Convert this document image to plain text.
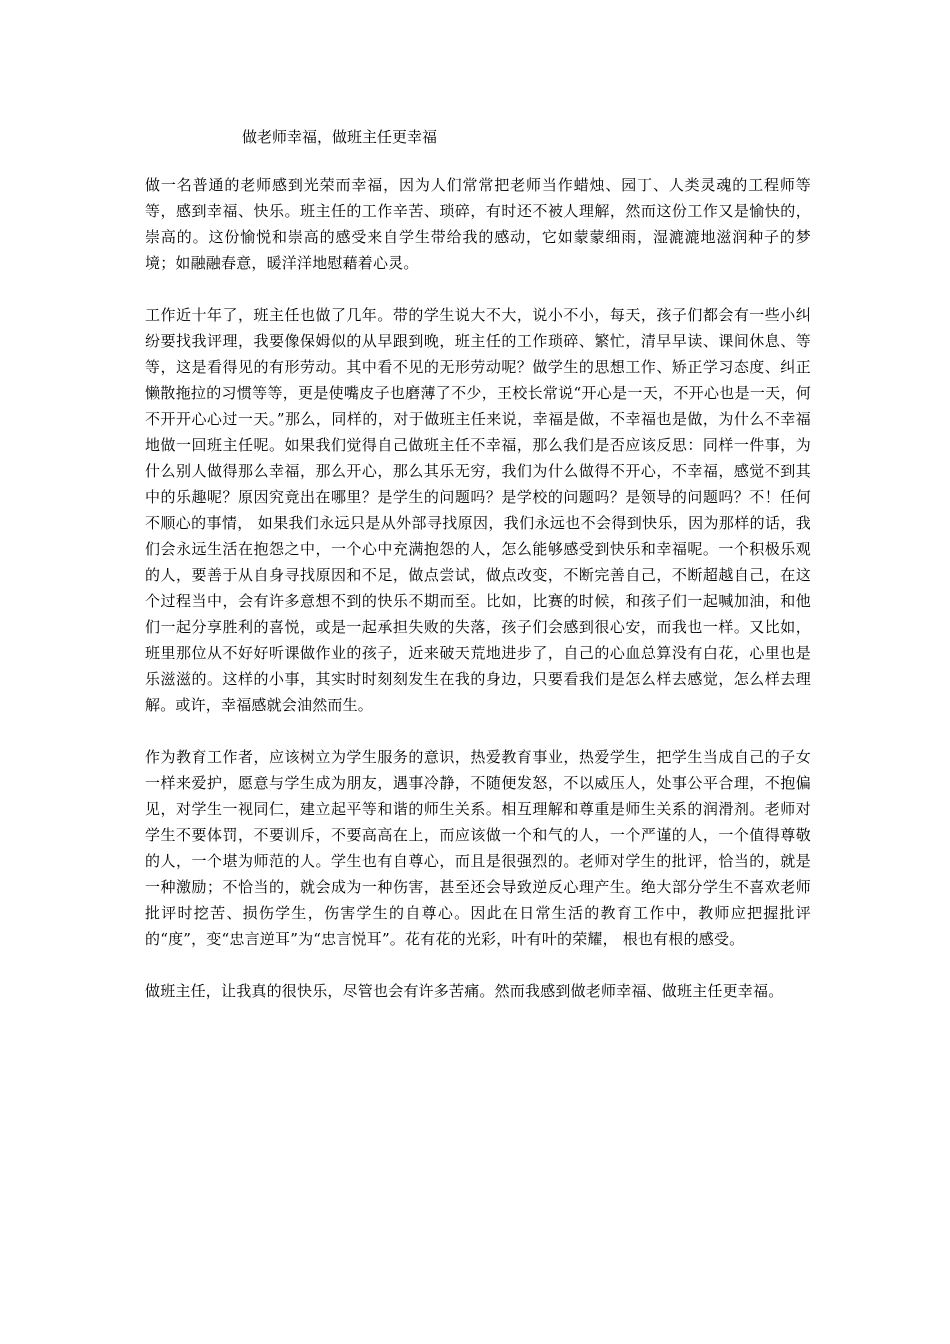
做老师幸福，做班主任更幸福

做一名普通的老师感到光荣而幸福，因为人们常常把老师当作蜡烛、园丁、人类灵魂的工程师等等，感到幸福、快乐。班主任的工作辛苦、琐碎，有时还不被人理解，然而这份工作又是愉快的，崇高的。这份愉悦和崇高的感受来自学生带给我的感动，它如蒙蒙细雨，湿漉漉地滋润种子的梦境；如融融春意，暖洋洋地慰藉着心灵。

工作近十年了，班主任也做了几年。带的学生说大不大，说小不小，每天，孩子们都会有一些小纠纷要找我评理，我要像保姆似的从早跟到晚，班主任的工作琐碎、繁忙，清早早读、课间休息、等等，这是看得见的有形劳动。其中看不见的无形劳动呢？做学生的思想工作、矫正学习态度、纠正懒散拖拉的习惯等等，更是使嘴皮子也磨薄了不少，王校长常说“开心是一天，不开心也是一天，何不开开心心过一天。”那么，同样的，对于做班主任来说，幸福是做，不幸福也是做，为什么不幸福地做一回班主任呢。如果我们觉得自己做班主任不幸福，那么我们是否应该反思：同样一件事，为什么别人做得那么幸福，那么开心，那么其乐无穷，我们为什么做得不开心，不幸福，感觉不到其中的乐趣呢？原因究竟出在哪里？是学生的问题吗？是学校的问题吗？是领导的问题吗？不！任何不顺心的事情， 如果我们永远只是从外部寻找原因，我们永远也不会得到快乐，因为那样的话，我们会永远生活在抱怨之中，一个心中充满抱怨的人，怎么能够感受到快乐和幸福呢。一个积极乐观的人，要善于从自身寻找原因和不足，做点尝试，做点改变，不断完善自己，不断超越自己，在这个过程当中，会有许多意想不到的快乐不期而至。比如，比赛的时候，和孩子们一起喊加油，和他们一起分享胜利的喜悦，或是一起承担失败的失落，孩子们会感到很心安，而我也一样。又比如，班里那位从不好好听课做作业的孩子，近来破天荒地进步了，自己的心血总算没有白花，心里也是乐滋滋的。这样的小事，其实时时刻刻发生在我的身边，只要看我们是怎么样去感觉，怎么样去理解。或许，幸福感就会油然而生。

作为教育工作者，应该树立为学生服务的意识，热爱教育事业，热爱学生，把学生当成自己的子女一样来爱护，愿意与学生成为朋友，遇事冷静，不随便发怒，不以威压人，处事公平合理，不抱偏见，对学生一视同仁，建立起平等和谐的师生关系。相互理解和尊重是师生关系的润滑剂。老师对学生不要体罚，不要训斥，不要高高在上，而应该做一个和气的人，一个严谨的人，一个值得尊敬的人，一个堪为师范的人。学生也有自尊心，而且是很强烈的。老师对学生的批评，恰当的，就是一种激励；不恰当的，就会成为一种伤害，甚至还会导致逆反心理产生。绝大部分学生不喜欢老师批评时挖苦、损伤学生，伤害学生的自尊心。因此在日常生活的教育工作中，教师应把握批评的“度”，变“忠言逆耳”为“忠言悦耳”。花有花的光彩，叶有叶的荣耀， 根也有根的感受。

做班主任，让我真的很快乐，尽管也会有许多苦痛。然而我感到做老师幸福、做班主任更幸福。
